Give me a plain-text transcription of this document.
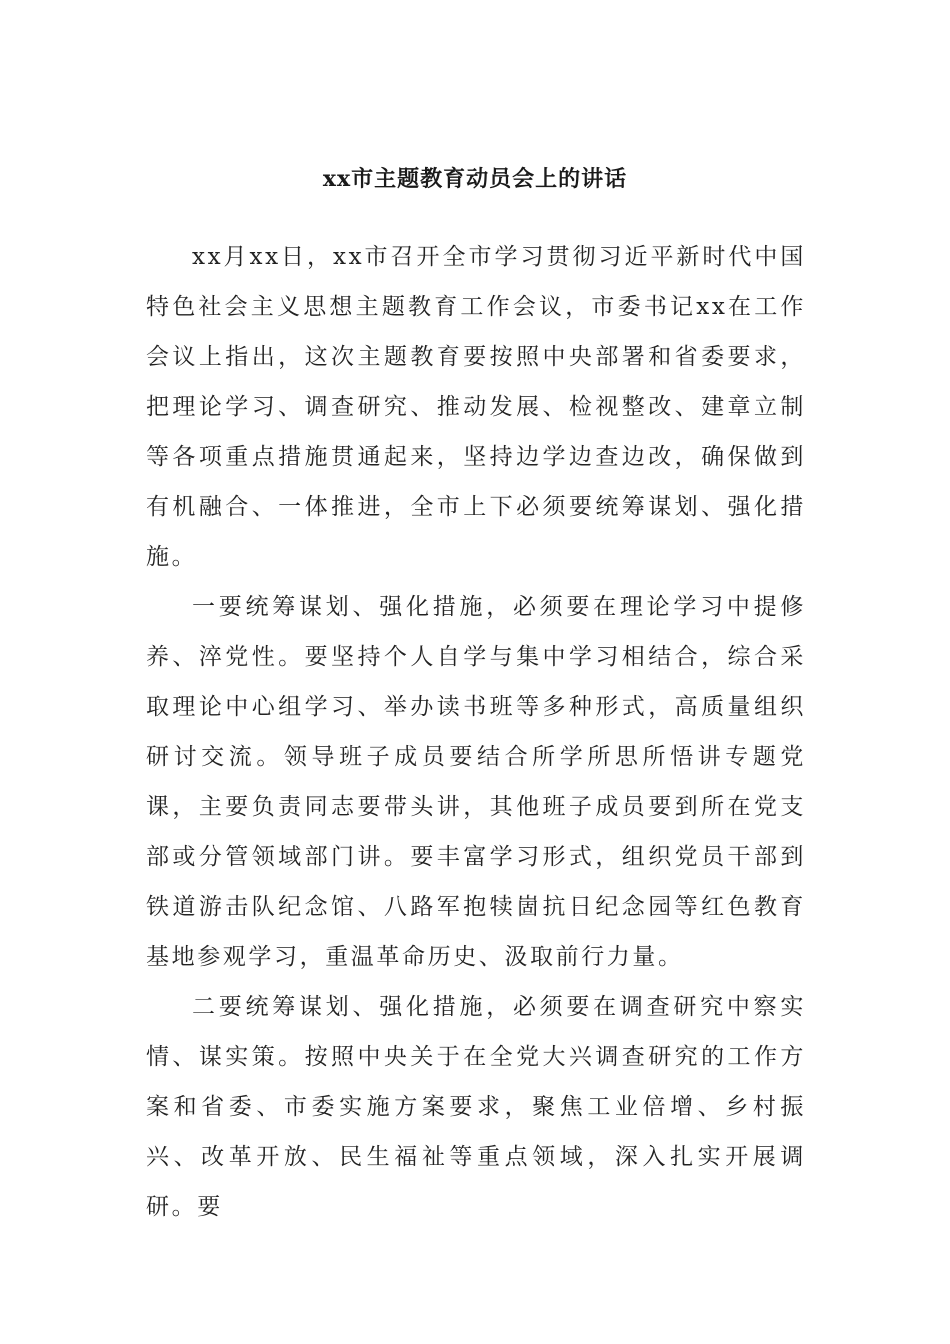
xx市主题教育动员会上的讲话

xx月xx日，xx市召开全市学习贯彻习近平新时代中国特色社会主义思想主题教育工作会议，市委书记xx在工作会议上指出，这次主题教育要按照中央部署和省委要求，把理论学习、调查研究、推动发展、检视整改、建章立制等各项重点措施贯通起来，坚持边学边查边改，确保做到有机融合、一体推进，全市上下必须要统筹谋划、强化措施。

一要统筹谋划、强化措施，必须要在理论学习中提修养、淬党性。要坚持个人自学与集中学习相结合，综合采取理论中心组学习、举办读书班等多种形式，高质量组织研讨交流。领导班子成员要结合所学所思所悟讲专题党课，主要负责同志要带头讲，其他班子成员要到所在党支部或分管领域部门讲。要丰富学习形式，组织党员干部到铁道游击队纪念馆、八路军抱犊崮抗日纪念园等红色教育基地参观学习，重温革命历史、汲取前行力量。

二要统筹谋划、强化措施，必须要在调查研究中察实情、谋实策。按照中央关于在全党大兴调查研究的工作方案和省委、市委实施方案要求，聚焦工业倍增、乡村振兴、改革开放、民生福祉等重点领域，深入扎实开展调研。要
